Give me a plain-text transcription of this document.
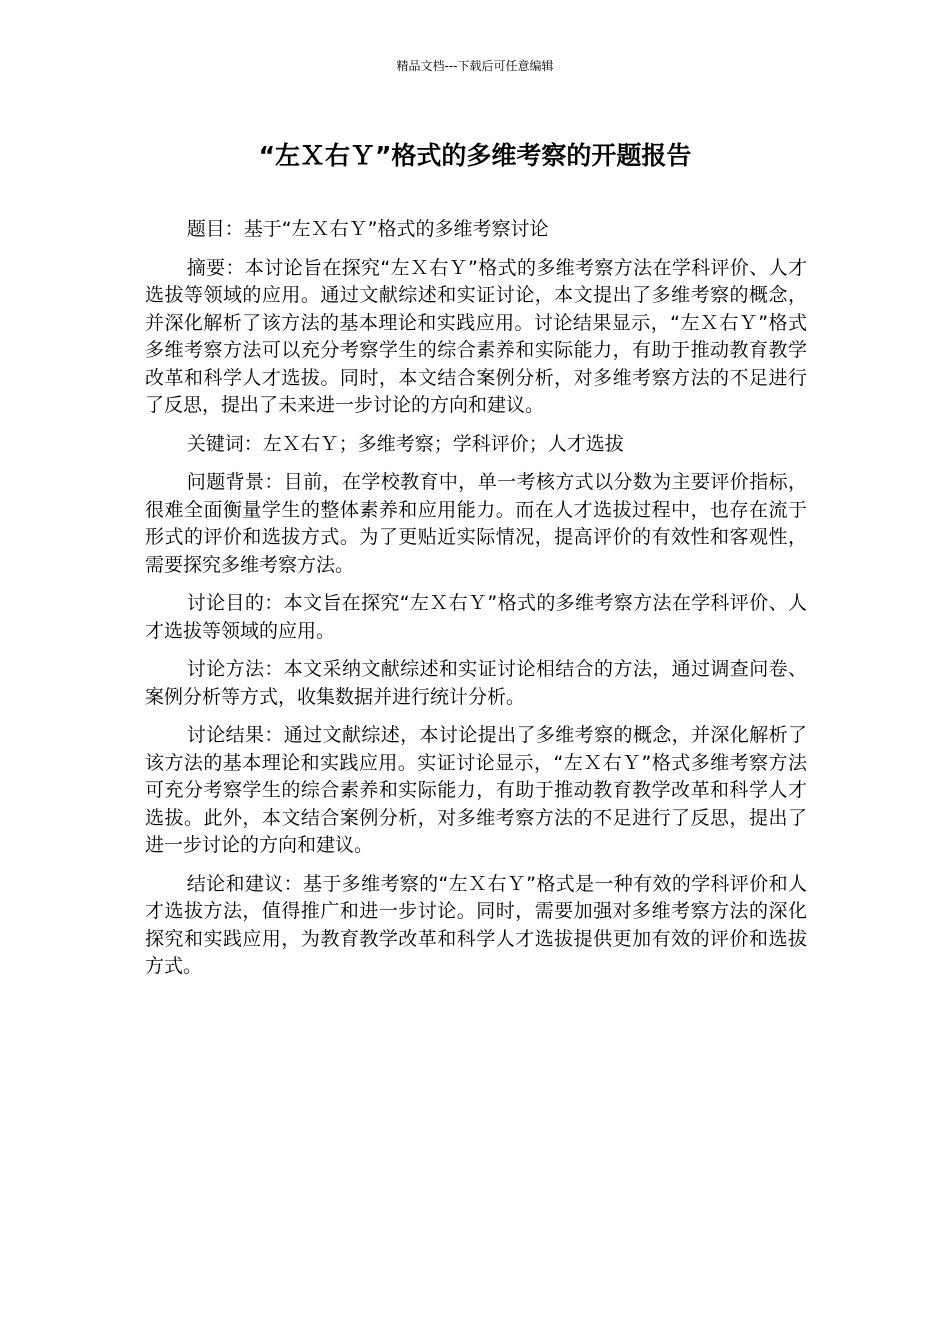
精品文档---下载后可任意编辑
“左Ｘ右Ｙ”格式的多维考察的开题报告

题目：基于“左Ｘ右Ｙ”格式的多维考察讨论

摘要：本讨论旨在探究“左Ｘ右Ｙ”格式的多维考察方法在学科评价、人才选拔等领域的应用。通过文献综述和实证讨论，本文提出了多维考察的概念，并深化解析了该方法的基本理论和实践应用。讨论结果显示，“左Ｘ右Ｙ”格式多维考察方法可以充分考察学生的综合素养和实际能力，有助于推动教育教学改革和科学人才选拔。同时，本文结合案例分析，对多维考察方法的不足进行了反思，提出了未来进一步讨论的方向和建议。

关键词：左Ｘ右Ｙ；多维考察；学科评价；人才选拔

问题背景：目前，在学校教育中，单一考核方式以分数为主要评价指标，很难全面衡量学生的整体素养和应用能力。而在人才选拔过程中，也存在流于形式的评价和选拔方式。为了更贴近实际情况，提高评价的有效性和客观性，需要探究多维考察方法。

讨论目的：本文旨在探究“左Ｘ右Ｙ”格式的多维考察方法在学科评价、人才选拔等领域的应用。

讨论方法：本文采纳文献综述和实证讨论相结合的方法，通过调查问卷、案例分析等方式，收集数据并进行统计分析。

讨论结果：通过文献综述，本讨论提出了多维考察的概念，并深化解析了该方法的基本理论和实践应用。实证讨论显示，“左Ｘ右Ｙ”格式多维考察方法可充分考察学生的综合素养和实际能力，有助于推动教育教学改革和科学人才选拔。此外，本文结合案例分析，对多维考察方法的不足进行了反思，提出了进一步讨论的方向和建议。

结论和建议：基于多维考察的“左Ｘ右Ｙ”格式是一种有效的学科评价和人才选拔方法，值得推广和进一步讨论。同时，需要加强对多维考察方法的深化探究和实践应用，为教育教学改革和科学人才选拔提供更加有效的评价和选拔方式。
